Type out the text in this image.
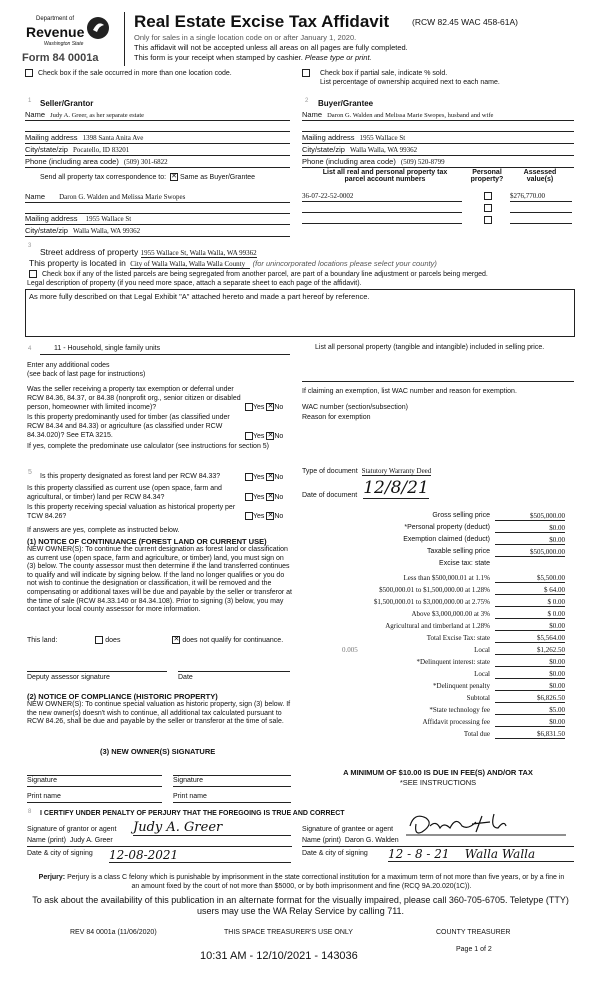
Department of
Revenue
Washington State
Form 84 0001a
Real Estate Excise Tax Affidavit	(RCW 82.45 WAC 458-61A)
Only for sales in a single location code on or after January 1, 2020.
This affidavit will not be accepted unless all areas on all pages are fully completed.
This form is your receipt when stamped by cashier. Please type or print.
Check box if the sale occurred in more than one location code.	Check box if partial sale, indicate % sold.
List percentage of ownership acquired next to each name.
1	2
Seller/Grantor
Name Judy A. Greer, as her separate estate
Mailing address 1398 Santa Anita Ave
City/state/zip Pocatello, ID 83201
Phone (including area code) (509) 301-6822
Buyer/Grantee
Name Daron G. Walden and Melissa Marie Swopes, husband and wife
Mailing address 1955 Wallace St
City/state/zip Walla Walla, WA 99362
Phone (including area code) (509) 520-8799
Send all property tax correspondence to: ✕ Same as Buyer/Grantee
Name Daron G. Walden and Melissa Marie Swopes
Mailing address 1955 Wallace St
City/state/zip Walla Walla, WA 99362
List all real and personal property tax
parcel account numbers
Personal property?
Assessed value(s)
36-07-22-52-0002	$276,770.00
3
Street address of property 1955 Wallace St, Walla Walla, WA 99362
This property is located in City of Walla Walla, Walla Walla County (for unincorporated locations please select your county)
Check box if any of the listed parcels are being segregated from another parcel, are part of a boundary line adjustment or parcels being merged.
Legal description of property (if you need more space, attach a separate sheet to each page of the affidavit).
As more fully described on that Legal Exhibit "A" attached hereto and made a part hereof by reference.
4	11 - Household, single family units
Enter any additional codes
(see back of last page for instructions)
Was the seller receiving a property tax exemption or deferral under RCW 84.36, 84.37, or 84.38 (nonprofit org., senior citizen or disabled person, homeowner with limited income)?	Yes ✕No
Is this property predominantly used for timber (as classified under RCW 84.34 and 84.33) or agriculture (as classified under RCW 84.34.020)? See ETA 3215.	Yes ✕No
If yes, complete the predominate use calculator (see instructions for section 5)
List all personal property (tangible and intangible) included in selling price.
If claiming an exemption, list WAC number and reason for exemption.
WAC number (section/subsection)
Reason for exemption
5
Is this property designated as forest land per RCW 84.33?	Yes ✕No
Is this property classified as current use (open space, farm and agricultural, or timber) land per RCW 84.34?	Yes ✕No
Is this property receiving special valuation as historical property per TCW 84.26?	Yes ✕No
If answers are yes, complete as instructed below.
(1) NOTICE OF CONTINUANCE (FOREST LAND OR CURRENT USE)
NEW OWNER(S): To continue the current designation as forest land or classification as current use (open space, farm and agriculture, or timber) land, you must sign on (3) below. The county assessor must then determine if the land transferred continues to qualify and will indicate by signing below. If the land no longer qualifies or you do not wish to continue the designation or classification, it will be removed and the compensating or additional taxes will be due and payable by the seller or transferor at the time of sale (RCW 84.33.140 or 84.34.108). Prior to signing (3) below, you may contact your local county assessor for more information.
This land:	does	✕ does not qualify for continuance.
Deputy assessor signature	Date
(2) NOTICE OF COMPLIANCE (HISTORIC PROPERTY)
NEW OWNER(S): To continue special valuation as historic property, sign (3) below. If the new owner(s) doesn't wish to continue, all additional tax calculated pursuant to RCW 84.26, shall be due and payable by the seller or transferor at the time of sale.
(3) NEW OWNER(S) SIGNATURE
Signature	Signature
Print name	Print name
Type of document Statutory Warranty Deed
Date of document 12/8/21
Gross selling price	$505,000.00
*Personal property (deduct)	$0.00
Exemption claimed (deduct)	$0.00
Taxable selling price	$505,000.00
Excise tax: state
Less than $500,000.01 at 1.1%	$5,500.00
$500,000.01 to $1,500,000.00 at 1.28%	$ 64.00
$1,500,000.01 to $3,000,000.00 at 2.75%	$ 0.00
Above $3,000,000.00 at 3%	$ 0.00
Agricultural and timberland at 1.28%	$0.00
Total Excise Tax: state	$5,564.00
0.005	Local	$1,262.50
*Delinquent interest: state	$0.00
Local	$0.00
*Delinquent penalty	$0.00
Subtotal	$6,826.50
*State technology fee	$5.00
Affidavit processing fee	$0.00
Total due	$6,831.50
A MINIMUM OF $10.00 IS DUE IN FEE(S) AND/OR TAX
*SEE INSTRUCTIONS
8 I CERTIFY UNDER PENALTY OF PERJURY THAT THE FOREGOING IS TRUE AND CORRECT
Signature of grantor or agent Judy A. Greer
Name (print) Judy A. Greer
Date & city of signing 12-08-2021
Signature of grantee or agent
Name (print) Daron G. Walden
Date & city of signing 12 - 8 - 21    Walla Walla
Perjury: Perjury is a class C felony which is punishable by imprisonment in the state correctional institution for a maximum term of not more than five years, or by a fine in an amount fixed by the court of not more than $5000, or by both imprisonment and fine (RCQ 9A.20.020(1C)).
To ask about the availability of this publication in an alternate format for the visually impaired, please call 360-705-6705. Teletype (TTY) users may use the WA Relay Service by calling 711.
REV 84 0001a (11/06/2020)	THIS SPACE TREASURER'S USE ONLY	COUNTY TREASURER
Page 1 of 2
10:31 AM - 12/10/2021 - 143036
